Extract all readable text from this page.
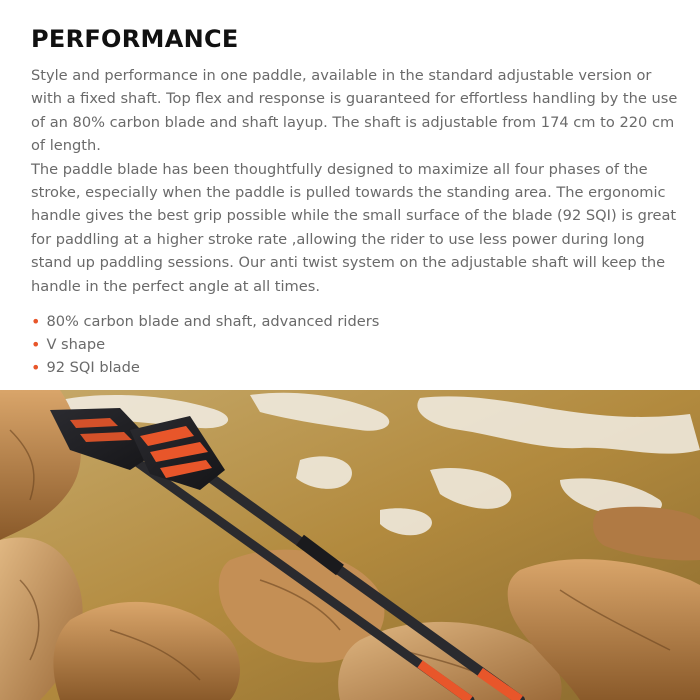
PERFORMANCE

Style and performance in one paddle, available in the standard adjustable version or with a fixed shaft. Top flex and response is guaranteed for effortless handling by the use of an 80% carbon blade and shaft layup. The shaft is adjustable from 174 cm to 220 cm of length.

The paddle blade has been thoughtfully designed to maximize all four phases of the stroke, especially when the paddle is pulled towards the standing area. The ergonomic handle gives the best grip possible while the small surface of the blade (92 SQI) is great for paddling at a higher stroke rate ,allowing the rider to use less power during long stand up paddling sessions. Our anti twist system on the adjustable shaft will keep the handle in the perfect angle at all times.

• 80% carbon blade and shaft, advanced riders
• V shape
• 92 SQI blade
